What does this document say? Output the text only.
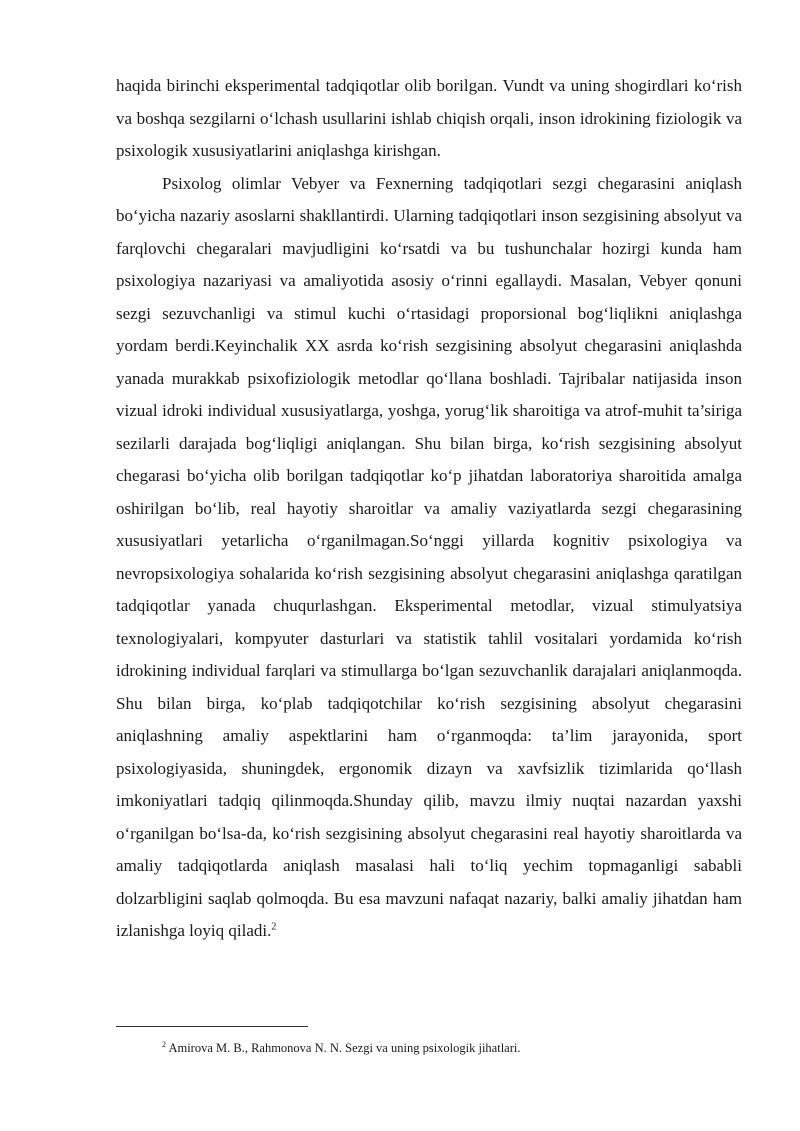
haqida birinchi eksperimental tadqiqotlar olib borilgan. Vundt va uning shogirdlari ko‘rish va boshqa sezgilarni o‘lchash usullarini ishlab chiqish orqali, inson idrokining fiziologik va psixologik xususiyatlarini aniqlashga kirishgan.

Psixolog olimlar Vebyer va Fexnerning tadqiqotlari sezgi chegarasini aniqlash bo‘yicha nazariy asoslarni shakllantirdi. Ularning tadqiqotlari inson sezgisining absolyut va farqlovchi chegaralari mavjudligini ko‘rsatdi va bu tushunchalar hozirgi kunda ham psixologiya nazariyasi va amaliyotida asosiy o‘rinni egallaydi. Masalan, Vebyer qonuni sezgi sezuvchanligi va stimul kuchi o‘rtasidagi proporsional bog‘liqlikni aniqlashga yordam berdi.Keyinchalik XX asrda ko‘rish sezgisining absolyut chegarasini aniqlashda yanada murakkab psixofiziologik metodlar qo‘llana boshladi. Tajribalar natijasida inson vizual idroki individual xususiyatlarga, yoshga, yorug‘lik sharoitiga va atrof-muhit ta’siriga sezilarli darajada bog‘liqligi aniqlangan. Shu bilan birga, ko‘rish sezgisining absolyut chegarasi bo‘yicha olib borilgan tadqiqotlar ko‘p jihatdan laboratoriya sharoitida amalga oshirilgan bo‘lib, real hayotiy sharoitlar va amaliy vaziyatlarda sezgi chegarasining xususiyatlari yetarlicha o‘rganilmagan.So‘nggi yillarda kognitiv psixologiya va nevropsixologiya sohalarida ko‘rish sezgisining absolyut chegarasini aniqlashga qaratilgan tadqiqotlar yanada chuqurlashgan. Eksperimental metodlar, vizual stimulyatsiya texnologiyalari, kompyuter dasturlari va statistik tahlil vositalari yordamida ko‘rish idrokining individual farqlari va stimullarga bo‘lgan sezuvchanlik darajalari aniqlanmoqda. Shu bilan birga, ko‘plab tadqiqotchilar ko‘rish sezgisining absolyut chegarasini aniqlashning amaliy aspektlarini ham o‘rganmoqda: ta’lim jarayonida, sport psixologiyasida, shuningdek, ergonomik dizayn va xavfsizlik tizimlarida qo‘llash imkoniyatlari tadqiq qilinmoqda.Shunday qilib, mavzu ilmiy nuqtai nazardan yaxshi o‘rganilgan bo‘lsa-da, ko‘rish sezgisining absolyut chegarasini real hayotiy sharoitlarda va amaliy tadqiqotlarda aniqlash masalasi hali to‘liq yechim topmaganligi sababli dolzarbligini saqlab qolmoqda. Bu esa mavzuni nafaqat nazariy, balki amaliy jihatdan ham izlanishga loyiq qiladi.$^2$

$^2$ Amirova M. B., Rahmonova N. N. Sezgi va uning psixologik jihatlari.
